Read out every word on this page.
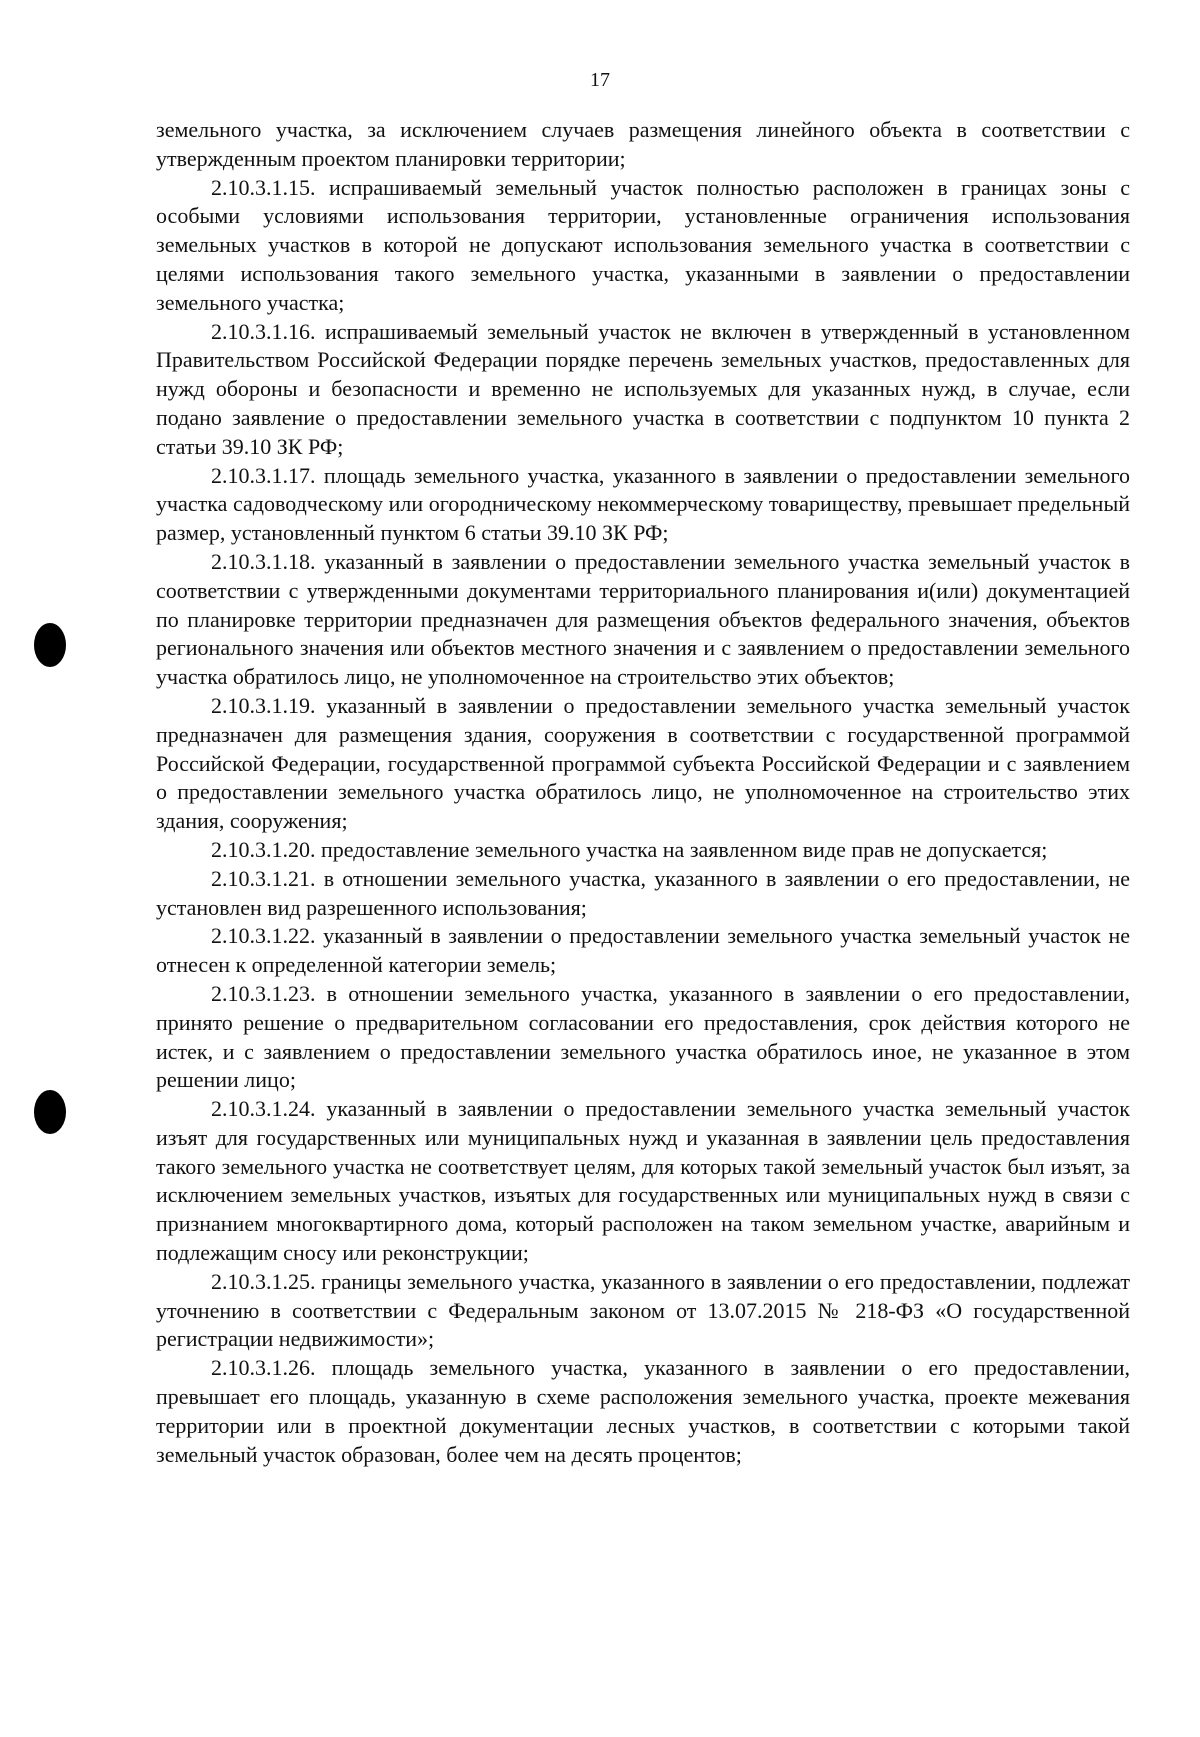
17

земельного участка, за исключением случаев размещения линейного объекта в соответствии с утвержденным проектом планировки территории;

2.10.3.1.15. испрашиваемый земельный участок полностью расположен в границах зоны с особыми условиями использования территории, установленные ограничения использования земельных участков в которой не допускают использования земельного участка в соответствии с целями использования такого земельного участка, указанными в заявлении о предоставлении земельного участка;

2.10.3.1.16. испрашиваемый земельный участок не включен в утвержденный в установленном Правительством Российской Федерации порядке перечень земельных участков, предоставленных для нужд обороны и безопасности и временно не используемых для указанных нужд, в случае, если подано заявление о предоставлении земельного участка в соответствии с подпунктом 10 пункта 2 статьи 39.10 ЗК РФ;

2.10.3.1.17. площадь земельного участка, указанного в заявлении о предоставлении земельного участка садоводческому или огородническому некоммерческому товариществу, превышает предельный размер, установленный пунктом 6 статьи 39.10 ЗК РФ;

2.10.3.1.18. указанный в заявлении о предоставлении земельного участка земельный участок в соответствии с утвержденными документами территориального планирования и(или) документацией по планировке территории предназначен для размещения объектов федерального значения, объектов регионального значения или объектов местного значения и с заявлением о предоставлении земельного участка обратилось лицо, не уполномоченное на строительство этих объектов;

2.10.3.1.19. указанный в заявлении о предоставлении земельного участка земельный участок предназначен для размещения здания, сооружения в соответствии с государственной программой Российской Федерации, государственной программой субъекта Российской Федерации и с заявлением о предоставлении земельного участка обратилось лицо, не уполномоченное на строительство этих здания, сооружения;

2.10.3.1.20. предоставление земельного участка на заявленном виде прав не допускается;

2.10.3.1.21. в отношении земельного участка, указанного в заявлении о его предоставлении, не установлен вид разрешенного использования;

2.10.3.1.22. указанный в заявлении о предоставлении земельного участка земельный участок не отнесен к определенной категории земель;

2.10.3.1.23. в отношении земельного участка, указанного в заявлении о его предоставлении, принято решение о предварительном согласовании его предоставления, срок действия которого не истек, и с заявлением о предоставлении земельного участка обратилось иное, не указанное в этом решении лицо;

2.10.3.1.24. указанный в заявлении о предоставлении земельного участка земельный участок изъят для государственных или муниципальных нужд и указанная в заявлении цель предоставления такого земельного участка не соответствует целям, для которых такой земельный участок был изъят, за исключением земельных участков, изъятых для государственных или муниципальных нужд в связи с признанием многоквартирного дома, который расположен на таком земельном участке, аварийным и подлежащим сносу или реконструкции;

2.10.3.1.25. границы земельного участка, указанного в заявлении о его предоставлении, подлежат уточнению в соответствии с Федеральным законом от 13.07.2015 № 218-ФЗ «О государственной регистрации недвижимости»;

2.10.3.1.26. площадь земельного участка, указанного в заявлении о его предоставлении, превышает его площадь, указанную в схеме расположения земельного участка, проекте межевания территории или в проектной документации лесных участков, в соответствии с которыми такой земельный участок образован, более чем на десять процентов;
